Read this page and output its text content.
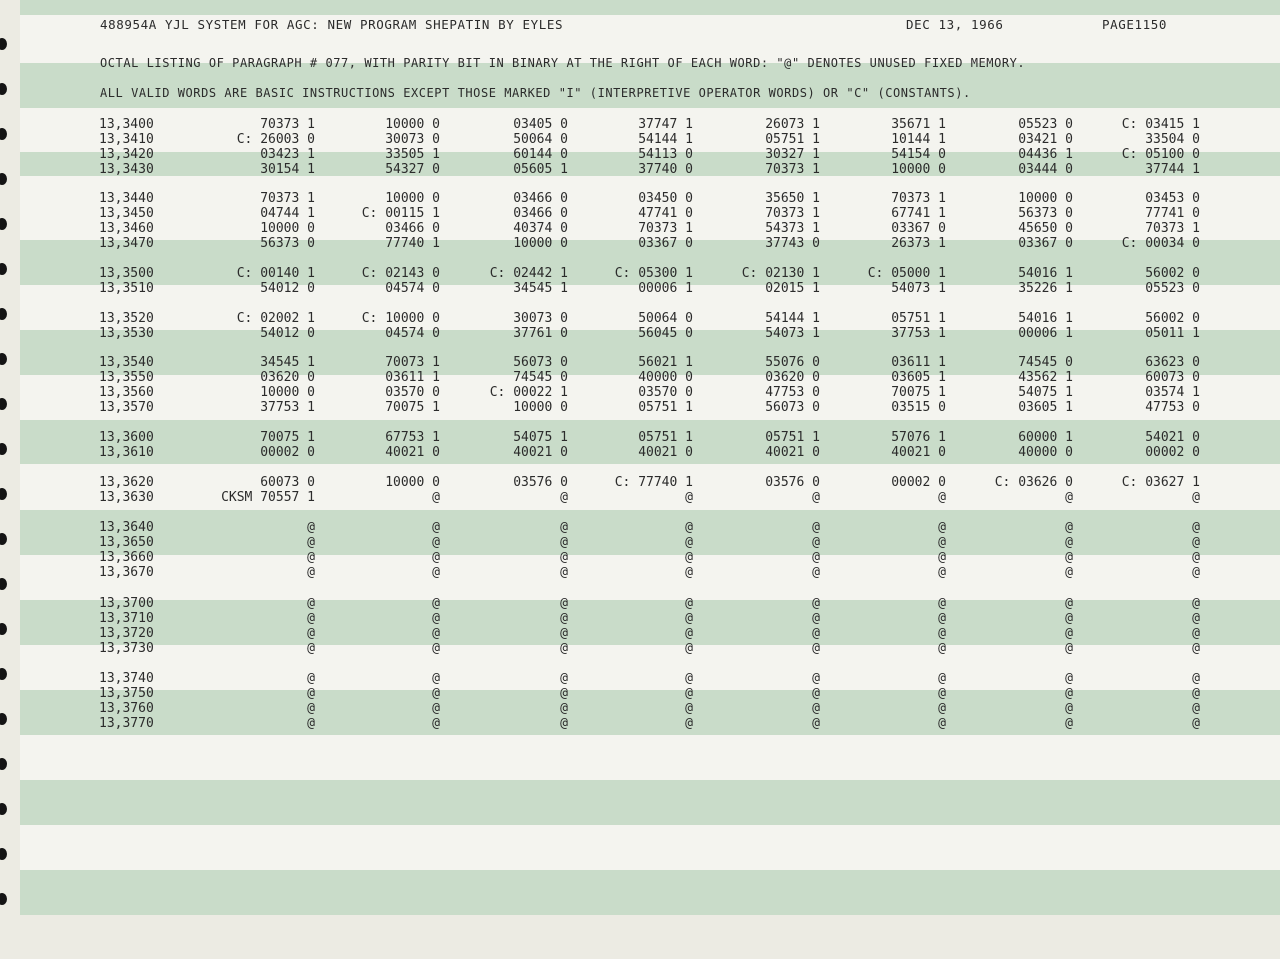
488954A YJL SYSTEM FOR AGC: NEW PROGRAM SHEPATIN BY EYLES	DEC 13, 1966	PAGE1150
OCTAL LISTING OF PARAGRAPH # 077, WITH PARITY BIT IN BINARY AT THE RIGHT OF EACH WORD: "@" DENOTES UNUSED FIXED MEMORY.
ALL VALID WORDS ARE BASIC INSTRUCTIONS EXCEPT THOSE MARKED "I" (INTERPRETIVE OPERATOR WORDS) OR "C" (CONSTANTS).
13,3400	70373 1	10000 0	03405 0	37747 1	26073 1	35671 1	05523 0	C: 03415 1
13,3410	C: 26003 0	30073 0	50064 0	54144 1	05751 1	10144 1	03421 0	33504 0
13,3420	03423 1	33505 1	60144 0	54113 0	30327 1	54154 0	04436 1	C: 05100 0
13,3430	30154 1	54327 0	05605 1	37740 0	70373 1	10000 0	03444 0	37744 1
13,3440	70373 1	10000 0	03466 0	03450 0	35650 1	70373 1	10000 0	03453 0
13,3450	04744 1	C: 00115 1	03466 0	47741 0	70373 1	67741 1	56373 0	77741 0
13,3460	10000 0	03466 0	40374 0	70373 1	54373 1	03367 0	45650 0	70373 1
13,3470	56373 0	77740 1	10000 0	03367 0	37743 0	26373 1	03367 0	C: 00034 0
13,3500	C: 00140 1	C: 02143 0	C: 02442 1	C: 05300 1	C: 02130 1	C: 05000 1	54016 1	56002 0
13,3510	54012 0	04574 0	34545 1	00006 1	02015 1	54073 1	35226 1	05523 0
13,3520	C: 02002 1	C: 10000 0	30073 0	50064 0	54144 1	05751 1	54016 1	56002 0
13,3530	54012 0	04574 0	37761 0	56045 0	54073 1	37753 1	00006 1	05011 1
13,3540	34545 1	70073 1	56073 0	56021 1	55076 0	03611 1	74545 0	63623 0
13,3550	03620 0	03611 1	74545 0	40000 0	03620 0	03605 1	43562 1	60073 0
13,3560	10000 0	03570 0	C: 00022 1	03570 0	47753 0	70075 1	54075 1	03574 1
13,3570	37753 1	70075 1	10000 0	05751 1	56073 0	03515 0	03605 1	47753 0
13,3600	70075 1	67753 1	54075 1	05751 1	05751 1	57076 1	60000 1	54021 0
13,3610	00002 0	40021 0	40021 0	40021 0	40021 0	40021 0	40000 0	00002 0
13,3620	60073 0	10000 0	03576 0	C: 77740 1	03576 0	00002 0	C: 03626 0	C: 03627 1
13,3630	CKSM 70557 1	@	@	@	@	@	@	@
13,3640	@	@	@	@	@	@	@	@
13,3650	@	@	@	@	@	@	@	@
13,3660	@	@	@	@	@	@	@	@
13,3670	@	@	@	@	@	@	@	@
13,3700	@	@	@	@	@	@	@	@
13,3710	@	@	@	@	@	@	@	@
13,3720	@	@	@	@	@	@	@	@
13,3730	@	@	@	@	@	@	@	@
13,3740	@	@	@	@	@	@	@	@
13,3750	@	@	@	@	@	@	@	@
13,3760	@	@	@	@	@	@	@	@
13,3770	@	@	@	@	@	@	@	@
